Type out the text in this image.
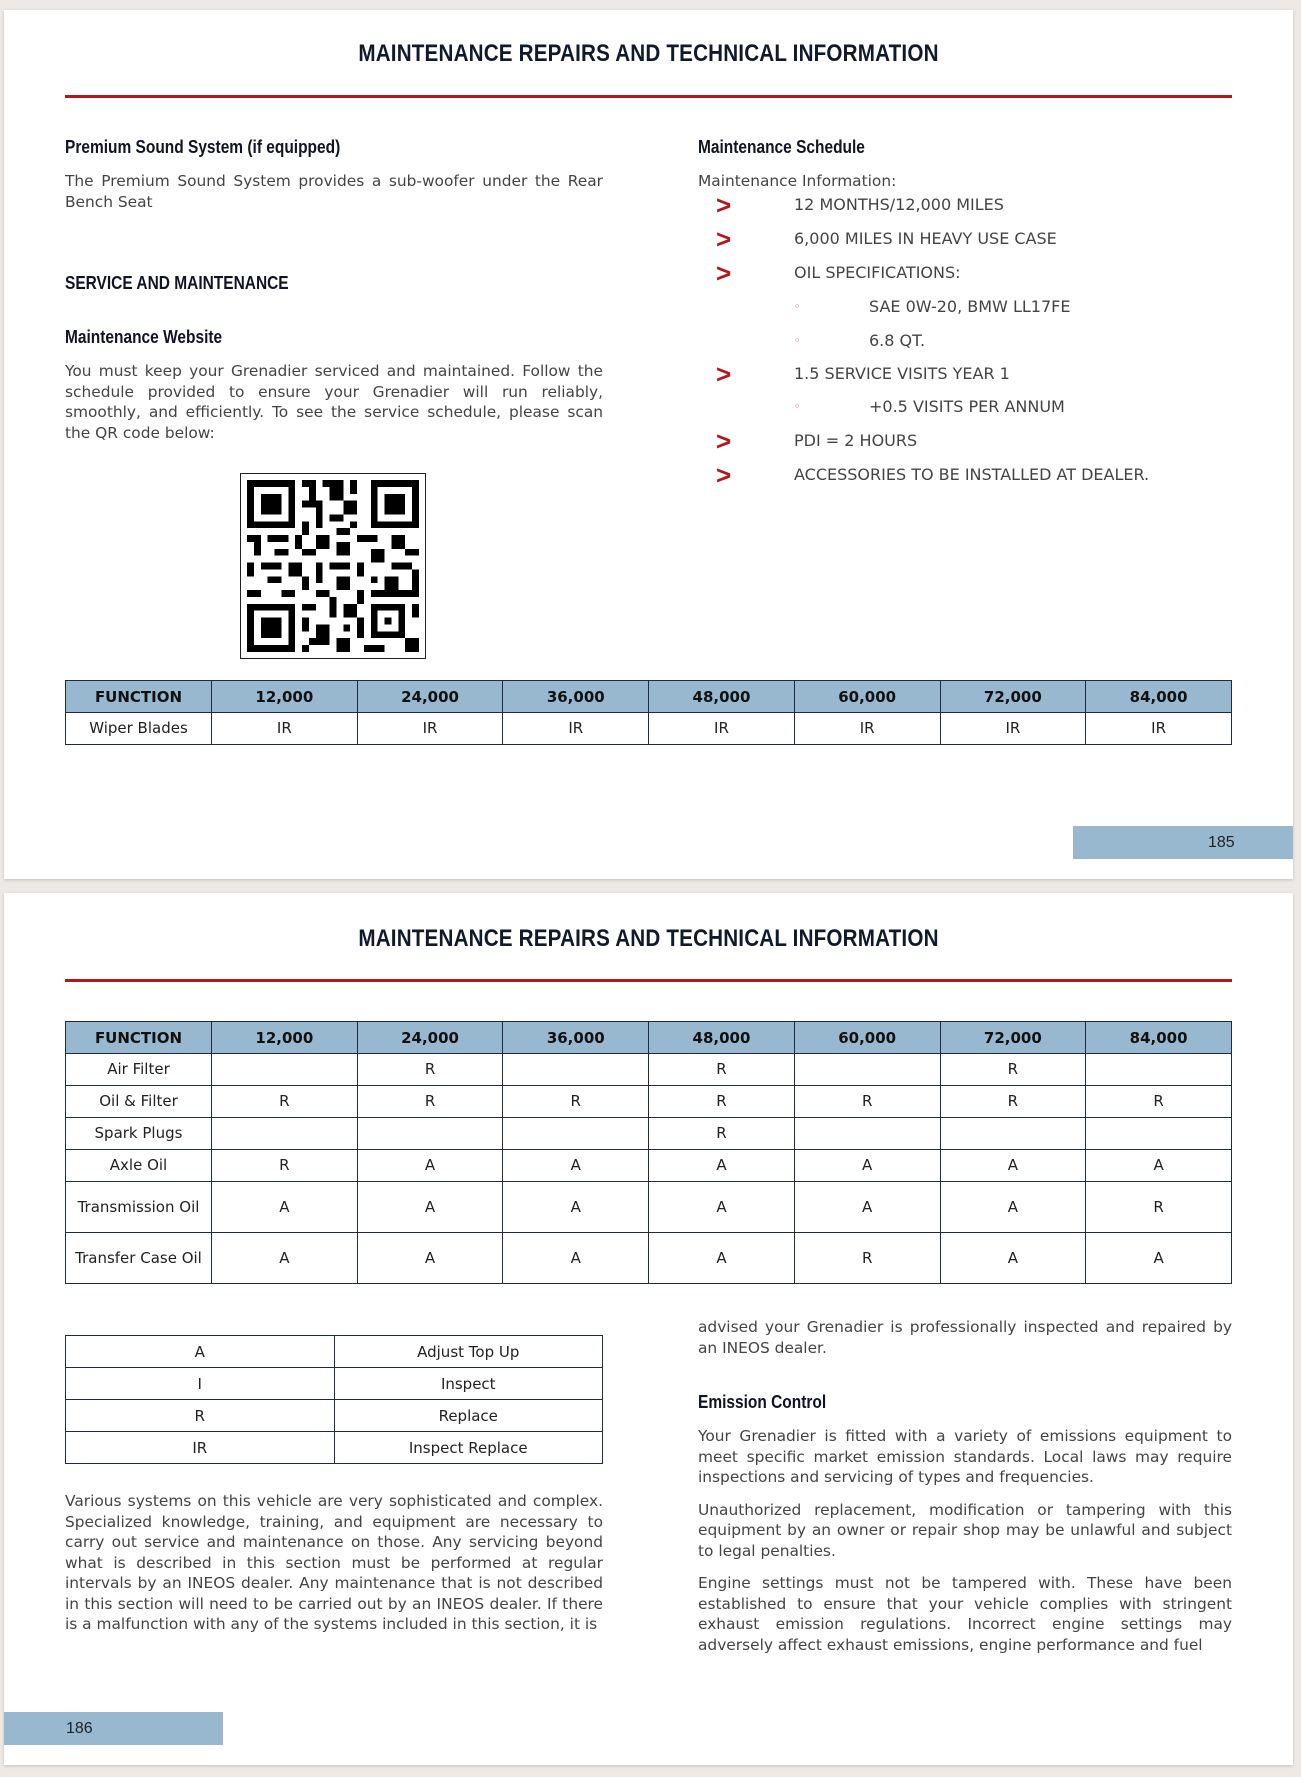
MAINTENANCE REPAIRS AND TECHNICAL INFORMATION
Premium Sound System (if equipped)
The Premium Sound System provides a sub-woofer under the Rear Bench Seat
SERVICE AND MAINTENANCE
Maintenance Website
You must keep your Grenadier serviced and maintained. Follow the schedule provided to ensure your Grenadier will run reliably, smoothly, and efficiently. To see the service schedule, please scan the QR code below:
Maintenance Schedule
Maintenance Information:
>	12 MONTHS/12,000 MILES
>	6,000 MILES IN HEAVY USE CASE
>	OIL SPECIFICATIONS:
◦	SAE 0W-20, BMW LL17FE
◦	6.8 QT.
>	1.5 SERVICE VISITS YEAR 1
◦	+0.5 VISITS PER ANNUM
>	PDI = 2 HOURS
>	ACCESSORIES TO BE INSTALLED AT DEALER.
FUNCTION	12,000	24,000	36,000	48,000	60,000	72,000	84,000
Wiper Blades	IR	IR	IR	IR	IR	IR	IR
185
MAINTENANCE REPAIRS AND TECHNICAL INFORMATION
FUNCTION	12,000	24,000	36,000	48,000	60,000	72,000	84,000
Air Filter		R		R		R	
Oil & Filter	R	R	R	R	R	R	R
Spark Plugs				R			
Axle Oil	R	A	A	A	A	A	A
Transmission Oil	A	A	A	A	A	A	R
Transfer Case Oil	A	A	A	A	R	A	A
A	Adjust Top Up
I	Inspect
R	Replace
IR	Inspect Replace
Various systems on this vehicle are very sophisticated and complex. Specialized knowledge, training, and equipment are necessary to carry out service and maintenance on those. Any servicing beyond what is described in this section must be performed at regular intervals by an INEOS dealer. Any maintenance that is not described in this section will need to be carried out by an INEOS dealer. If there is a malfunction with any of the systems included in this section, it is
advised your Grenadier is professionally inspected and repaired by an INEOS dealer.
Emission Control

Your Grenadier is fitted with a variety of emissions equipment to meet specific market emission standards. Local laws may require inspections and servicing of types and frequencies.

Unauthorized replacement, modification or tampering with this equipment by an owner or repair shop may be unlawful and subject to legal penalties.

Engine settings must not be tampered with. These have been established to ensure that your vehicle complies with stringent exhaust emission regulations. Incorrect engine settings may adversely affect exhaust emissions, engine performance and fuel

186
